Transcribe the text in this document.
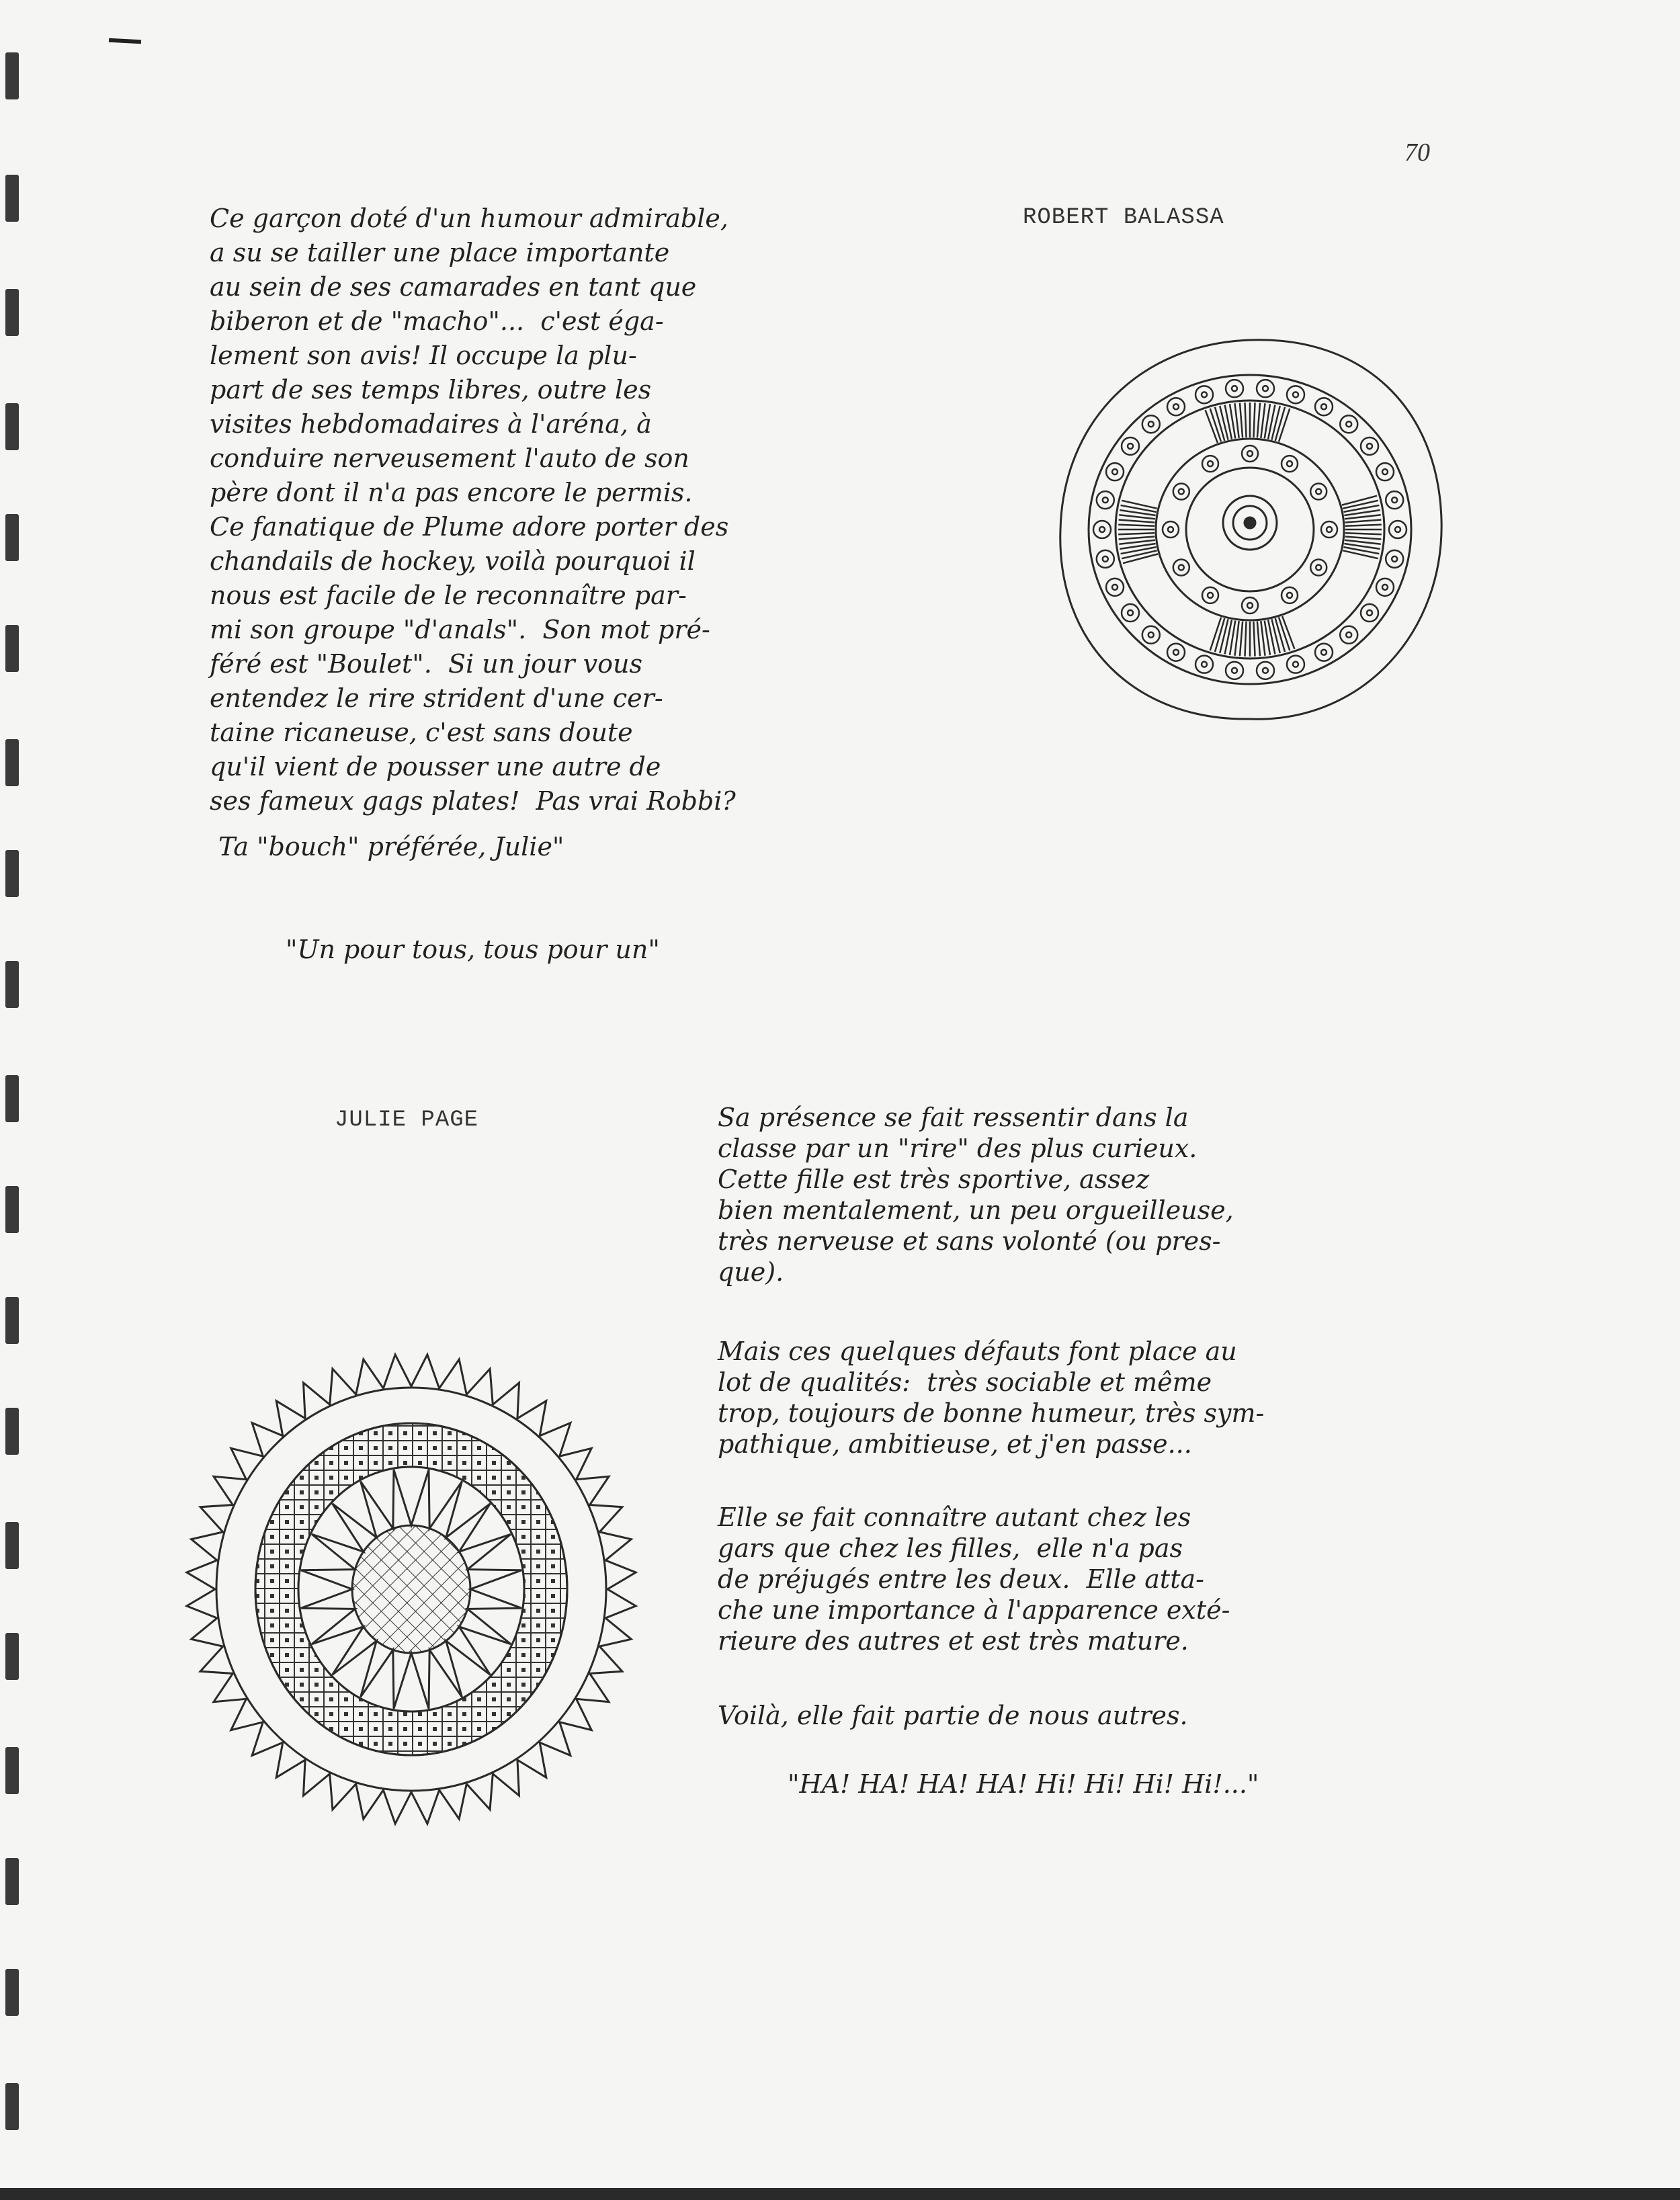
70
ROBERT BALASSA
Ce garçon doté d'un humour admirable,
a su se tailler une place importante
au sein de ses camarades en tant que
biberon et de "macho"...  c'est éga-
lement son avis! Il occupe la plu-
part de ses temps libres, outre les
visites hebdomadaires à l'aréna, à
conduire nerveusement l'auto de son
père dont il n'a pas encore le permis.
Ce fanatique de Plume adore porter des
chandails de hockey, voilà pourquoi il
nous est facile de le reconnaître par-
mi son groupe "d'anals".  Son mot pré-
féré est "Boulet".  Si un jour vous
entendez le rire strident d'une cer-
taine ricaneuse, c'est sans doute
qu'il vient de pousser une autre de
ses fameux gags plates!  Pas vrai Robbi?
Ta "bouch" préférée, Julie"
"Un pour tous, tous pour un"
JULIE PAGE	Sa présence se fait ressentir dans la
classe par un "rire" des plus curieux.
Cette fille est très sportive, assez
bien mentalement, un peu orgueilleuse,
très nerveuse et sans volonté (ou pres-
que).
Mais ces quelques défauts font place au
lot de qualités:  très sociable et même
trop, toujours de bonne humeur, très sym-
pathique, ambitieuse, et j'en passe...
Elle se fait connaître autant chez les
gars que chez les filles,  elle n'a pas
de préjugés entre les deux.  Elle atta-
che une importance à l'apparence exté-
rieure des autres et est très mature.
Voilà, elle fait partie de nous autres.
"HA! HA! HA! HA! Hi! Hi! Hi! Hi!..."
